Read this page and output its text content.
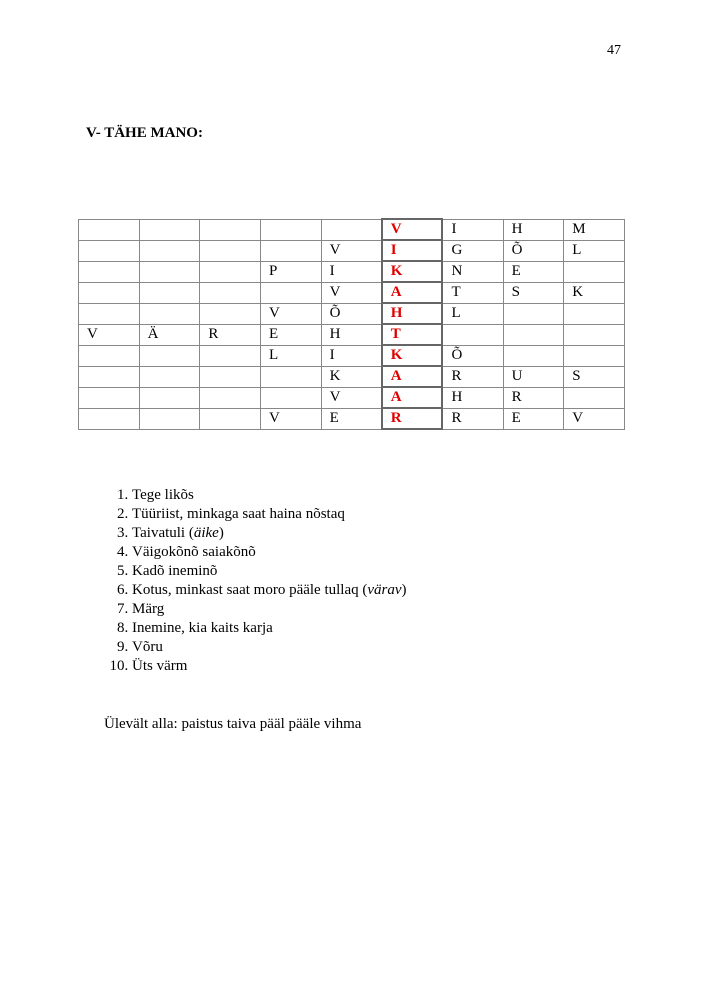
47
V- TÄHE MANO:
					V	I	H	M
				V	I	G	Õ	L
			P	I	K	N	E	
				V	A	T	S	K
			V	Õ	H	L		
V	Ä	R	E	H	T			
			L	I	K	Õ		
				K	A	R	U	S
				V	A	H	R	
			V	E	R	R	E	V
1. Tege likõs
2. Tüüriist, minkaga saat haina nõstaq
3. Taivatuli (äike)
4. Väigokõnõ saiakõnõ
5. Kadõ ineminõ
6. Kotus, minkast saat moro pääle tullaq (värav)
7. Märg
8. Inemine, kia kaits karja
9. Võru
10. Üts värm

Ülevält alla: paistus taiva pääl pääle vihma
